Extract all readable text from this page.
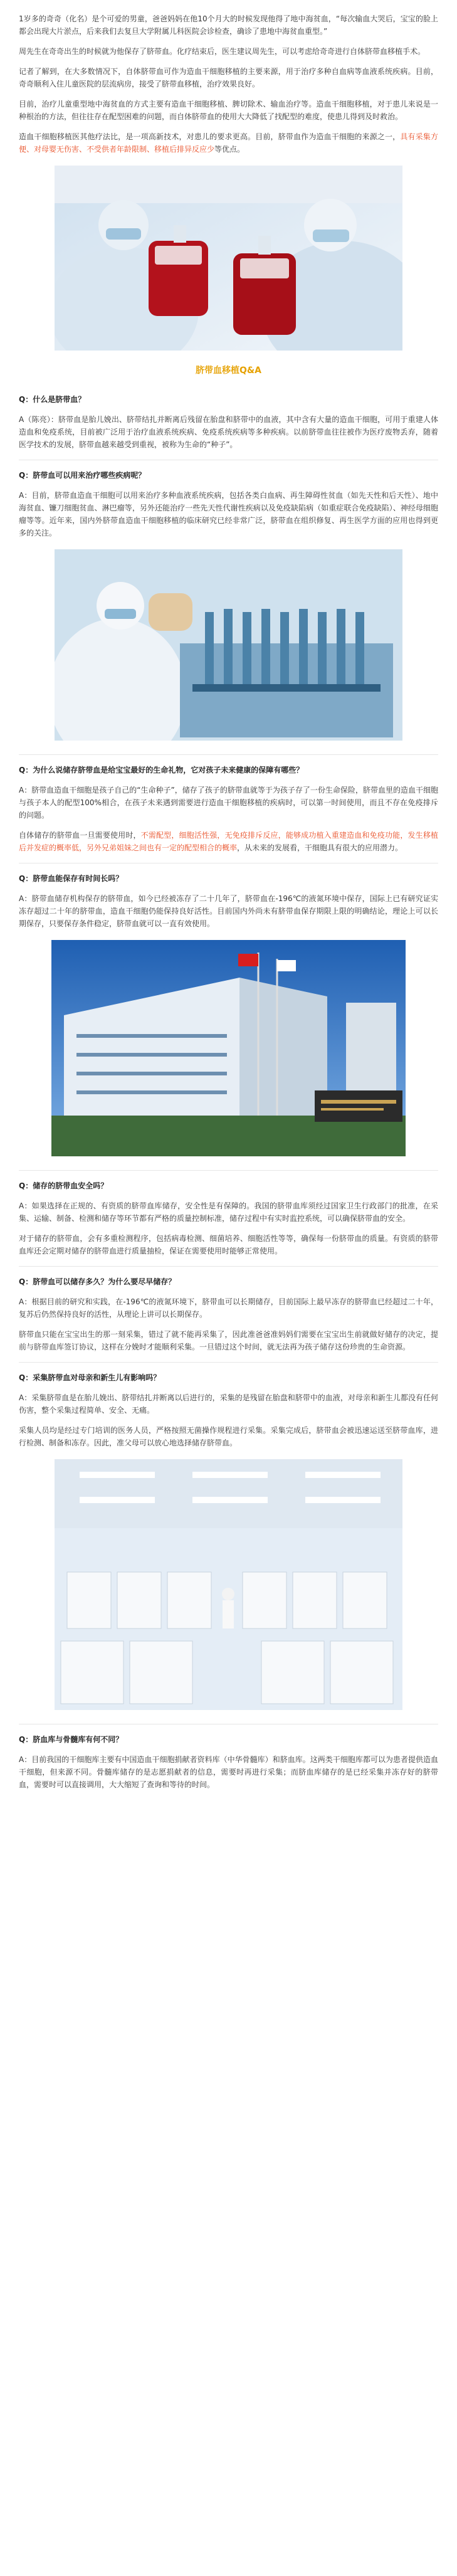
1岁多的奇奇（化名）是个可爱的男童，爸爸妈妈在他10个月大的时候发现他得了地中海贫血，“每次输血大哭后，宝宝的脸上都会出现大片淤点，后来我们去复旦大学附属儿科医院会诊检查，确诊了患地中海贫血重型。”

周先生在奇奇出生的时候就为他保存了脐带血。化疗结束后，医生建议周先生，可以考虑给奇奇进行自体脐带血移植手术。

记者了解到，在大多数情况下，自体脐带血可作为造血干细胞移植的主要来源，用于治疗多种自血病等血液系统疾病。目前，奇奇顺利入住儿童医院的层流病房，接受了脐带血移植，治疗效果良好。

目前，治疗儿童重型地中海贫血的方式主要有造血干细胞移植、脾切除术、输血治疗等。造血干细胞移植，对于患儿来说是一种根治的方法，但往往存在配型困难的问题，而自体脐带血的使用大大降低了找配型的难度，使患儿得到及时救治。

造血干细胞移植医其他疗法比，是一项高新技术，对患儿的要求更高。目前，脐带血作为造血干细胞的来源之一，具有采集方便、对母婴无伤害、不受供者年龄限制、移植后排异反应少等优点。

脐带血移植Q&A

Q：什么是脐带血？

A（陈亮）：脐带血是胎儿娩出、脐带结扎并断离后残留在胎盘和脐带中的血液，其中含有大量的造血干细胞，可用于重建人体造血和免疫系统，目前被广泛用于治疗血液系统疾病、免疫系统疾病等多种疾病。以前脐带血往往被作为医疗废物丢弃，随着医学技术的发展，脐带血越来越受到重视，被称为生命的“种子”。

Q：脐带血可以用来治疗哪些疾病呢？

A：目前，脐带血造血干细胞可以用来治疗多种血液系统疾病，包括各类白血病、再生障碍性贫血（如先天性和后天性）、地中海贫血、镰刀细胞贫血、淋巴瘤等，另外还能治疗一些先天性代谢性疾病以及免疫缺陷病（如重症联合免疫缺陷）、神经母细胞瘤等等。近年来，国内外脐带血造血干细胞移植的临床研究已经非常广泛，脐带血在组织修复、再生医学方面的应用也得到更多的关注。

Q：为什么说储存脐带血是给宝宝最好的生命礼物，它对孩子未来健康的保障有哪些？

A：脐带血造血干细胞是孩子自己的“生命种子”，储存了孩子的脐带血就等于为孩子存了一份生命保险，脐带血里的造血干细胞与孩子本人的配型100%相合，在孩子未来遇到需要进行造血干细胞移植的疾病时，可以第一时间使用，而且不存在免疫排斥的问题。

自体储存的脐带血一旦需要使用时，不需配型，细胞活性强，无免疫排斥反应，能够成功植入重建造血和免疫功能，发生移植后并发症的概率低，另外兄弟姐妹之间也有一定的配型相合的概率，从未来的发展看，干细胞具有很大的应用潜力。

Q：脐带血能保存有时间长吗？

A：脐带血储存机构保存的脐带血，如今已经被冻存了二十几年了，脐带血在-196℃的液氮环境中保存，国际上已有研究证实冻存超过二十年的脐带血，造血干细胞仍能保持良好活性。目前国内外尚未有脐带血保存期限上限的明确结论，理论上可以长期保存，只要保存条件稳定，脐带血就可以一直有效使用。

Q：储存的脐带血安全吗？

A：如果选择在正规的、有资质的脐带血库储存，安全性是有保障的。我国的脐带血库须经过国家卫生行政部门的批准，在采集、运输、制备、检测和储存等环节都有严格的质量控制标准，储存过程中有实时监控系统，可以确保脐带血的安全。

对于储存的脐带血，会有多重检测程序，包括病毒检测、细菌培养、细胞活性等等，确保每一份脐带血的质量。有资质的脐带血库还会定期对储存的脐带血进行质量抽检，保证在需要使用时能够正常使用。

Q：脐带血可以储存多久？为什么要尽早储存？

A：根据目前的研究和实践，在-196℃的液氮环境下，脐带血可以长期储存，目前国际上最早冻存的脐带血已经超过二十年，复苏后仍然保持良好的活性，从理论上讲可以长期保存。

脐带血只能在宝宝出生的那一刻采集，错过了就不能再采集了，因此准爸爸准妈妈们需要在宝宝出生前就做好储存的决定，提前与脐带血库签订协议，这样在分娩时才能顺利采集。一旦错过这个时间，就无法再为孩子储存这份珍贵的生命资源。

Q：采集脐带血对母亲和新生儿有影响吗？

A：采集脐带血是在胎儿娩出、脐带结扎并断离以后进行的，采集的是残留在胎盘和脐带中的血液，对母亲和新生儿都没有任何伤害，整个采集过程简单、安全、无痛。

采集人员均是经过专门培训的医务人员，严格按照无菌操作规程进行采集。采集完成后，脐带血会被迅速运送至脐带血库，进行检测、制备和冻存。因此，准父母可以放心地选择储存脐带血。

Q：脐血库与骨髓库有何不同？

A：目前我国的干细胞库主要有中国造血干细胞捐献者资料库（中华骨髓库）和脐血库。这两类干细胞库都可以为患者提供造血干细胞，但来源不同。骨髓库储存的是志愿捐献者的信息，需要时再进行采集；而脐血库储存的是已经采集并冻存好的脐带血，需要时可以直接调用，大大缩短了查询和等待的时间。
